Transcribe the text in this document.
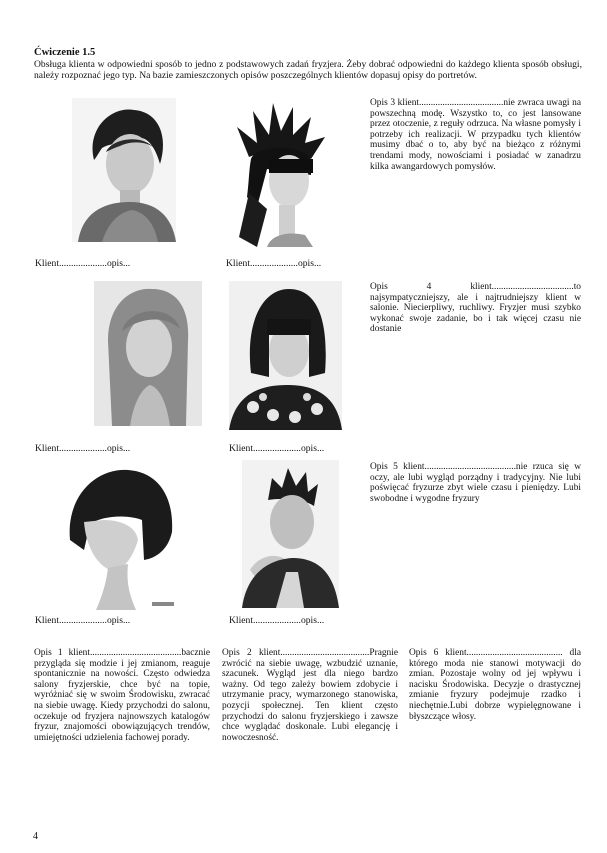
Ćwiczenie 1.5
Obsługa klienta w odpowiedni sposób to jedno z podstawowych zadań fryzjera. Żeby dobrać odpowiedni do każdego klienta sposób obsługi, należy rozpoznać jego typ. Na bazie zamieszczonych opisów poszczególnych klientów dopasuj opisy do portretów.
Klient....................opis...	Klient....................opis...
Opis 3 klient....................................nie zwraca uwagi na powszechną modę. Wszystko to, co jest lansowane przez otoczenie, z reguły odrzuca. Na własne pomysły i potrzeby ich realizacji. W przypadku tych klientów musimy dbać o to, aby być na bieżąco z różnymi trendami mody, nowościami i posiadać w zanadrzu kilka awangardowych pomysłów.
Klient....................opis...	Klient....................opis...
Opis 4 klient...................................to najsympatyczniejszy, ale i najtrudniejszy klient w salonie. Niecierpliwy, ruchliwy. Fryzjer musi szybko wykonać swoje zadanie, bo i tak więcej czasu nie dostanie
Klient....................opis...	Klient....................opis...
Opis 5 klient.......................................nie rzuca się w oczy, ale lubi wygląd porządny i tradycyjny. Nie lubi poświęcać fryzurze zbyt wiele czasu i pieniędzy. Lubi swobodne i wygodne fryzury
Opis 1 klient.......................................bacznie przygląda się modzie i jej zmianom, reaguje spontanicznie na nowości. Często odwiedza salony fryzjerskie, chce być na topie, wyróżniać się w swoim Środowisku, zwracać na siebie uwagę. Kiedy przychodzi do salonu, oczekuje od fryzjera najnowszych katalogów fryzur, znajomości obowiązujących trendów, umiejętności udzielenia fachowej porady.
Opis 2 klient......................................Pragnie zwrócić na siebie uwagę, wzbudzić uznanie, szacunek. Wygląd jest dla niego bardzo ważny. Od tego zależy bowiem zdobycie i utrzymanie pracy, wymarzonego stanowiska, pozycji społecznej. Ten klient często przychodzi do salonu fryzjerskiego i zawsze chce wyglądać doskonale. Lubi elegancję i nowoczesność.
Opis 6 klient......................................... dla którego moda nie stanowi motywacji do zmian. Pozostaje wolny od jej wpływu i nacisku Środowiska. Decyzje o drastycznej zmianie fryzury podejmuje rzadko i niechętnie.Lubi dobrze wypielęgnowane i błyszczące włosy.
4
